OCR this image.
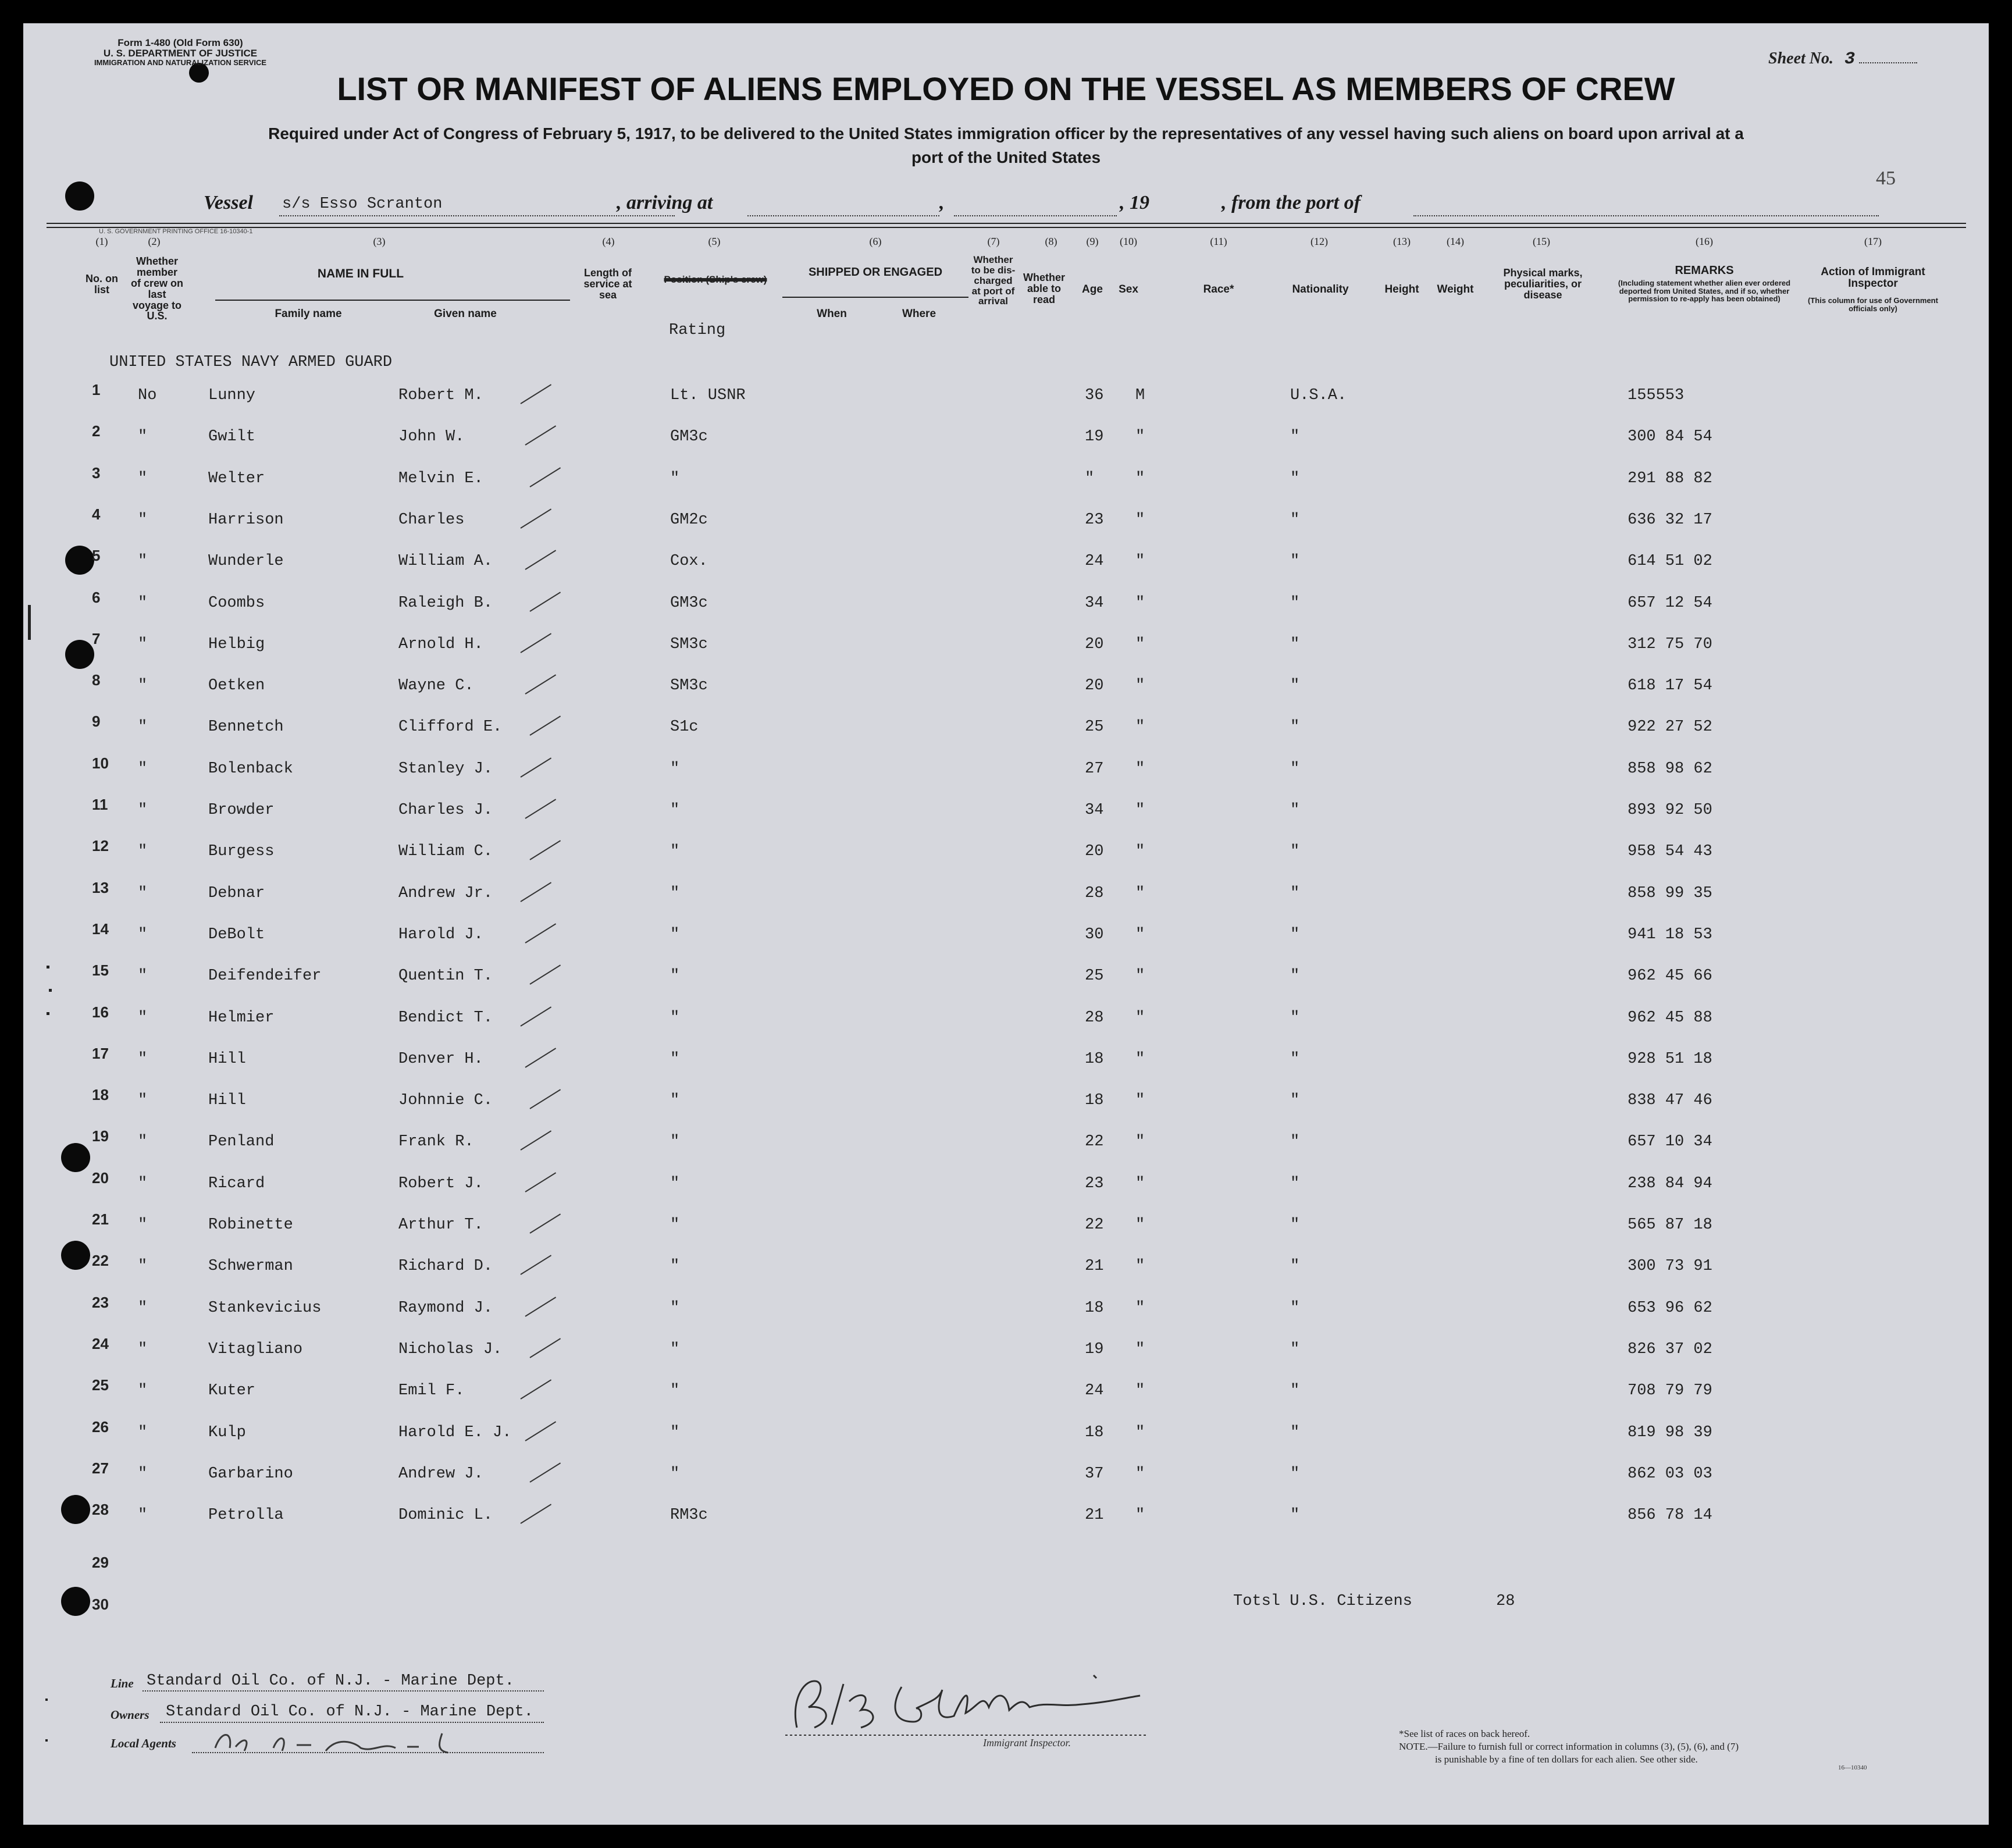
Form 1-480 (Old Form 630)
U. S. DEPARTMENT OF JUSTICE
IMMIGRATION AND NATURALIZATION SERVICE	Sheet No. 3
LIST OR MANIFEST OF ALIENS EMPLOYED ON THE VESSEL AS MEMBERS OF CREW
Required under Act of Congress of February 5, 1917, to be delivered to the United States immigration officer by the representatives of any vessel having such aliens on board upon arrival at a
port of the United States
45
Vessel s/s Esso Scranton	, arriving at	,	, 19	, from the port of
U. S. GOVERNMENT PRINTING OFFICE 16-10340-1
(1)	(2)	(3)	(4)	(5)	(6)	(7)	(8)	(9)	(10)	(11)	(12)	(13)	(14)	(15)	(16)	(17)
No. on list
Whether member of crew on last voyage to U.S.
NAME IN FULL
Family name	Given name
Length of service at sea
Position (Ship's crew)
Rating
SHIPPED OR ENGAGED
When	Where
Whether to be dis-charged at port of arrival
Whether able to read
Age	Sex	Race*	Nationality	Height	Weight
Physical marks, peculiarities, or disease
REMARKS
(Including statement whether alien ever ordered deported from United States, and if so, whether permission to re-apply has been obtained)
Action of Immigrant Inspector
(This column for use of Government officials only)
UNITED STATES NAVY ARMED GUARD
1 No	Lunny	Robert M.	Lt. USNR	36 M	U.S.A.	155553
2 "	Gwilt	John W.	GM3c	19 "	"	300 84 54
3 "	Welter	Melvin E.	"	"	"	"	291 88 82
4 "	Harrison	Charles	GM2c	23 "	"	636 32 17
5 "	Wunderle	William A.	Cox.	24 "	"	614 51 02
6 "	Coombs	Raleigh B.	GM3c	34 "	"	657 12 54
7 "	Helbig	Arnold H.	SM3c	20 "	"	312 75 70
8 "	Oetken	Wayne C.	SM3c	20 "	"	618 17 54
9 "	Bennetch	Clifford E.	S1c	25 "	"	922 27 52
10 "	Bolenback	Stanley J.	"	27 "	"	858 98 62
11 "	Browder	Charles J.	"	34 "	"	893 92 50
12 "	Burgess	William C.	"	20 "	"	958 54 43
13 "	Debnar	Andrew Jr.	"	28 "	"	858 99 35
14 "	DeBolt	Harold J.	"	30 "	"	941 18 53
15 "	Deifendeifer	Quentin T.	"	25 "	"	962 45 66
16 "	Helmier	Bendict T.	"	28 "	"	962 45 88
17 "	Hill	Denver H.	"	18 "	"	928 51 18
18 "	Hill	Johnnie C.	"	18 "	"	838 47 46
19 "	Penland	Frank R.	"	22 "	"	657 10 34
20 "	Ricard	Robert J.	"	23 "	"	238 84 94
21 "	Robinette	Arthur T.	"	22 "	"	565 87 18
22 "	Schwerman	Richard D.	"	21 "	"	300 73 91
23 "	Stankevicius	Raymond J.	"	18 "	"	653 96 62
24 "	Vitagliano	Nicholas J.	"	19 "	"	826 37 02
25 "	Kuter	Emil F.	"	24 "	"	708 79 79
26 "	Kulp	Harold E. J.	"	18 "	"	819 98 39
27 "	Garbarino	Andrew J.	"	37 "	"	862 03 03
28 "	Petrolla	Dominic L.	RM3c	21 "	"	856 78 14
29
30	Totsl U.S. Citizens	28
Line Standard Oil Co. of N.J. - Marine Dept.
Owners Standard Oil Co. of N.J. - Marine Dept.
Local Agents	Immigrant Inspector.
*See list of races on back hereof.
NOTE.—Failure to furnish full or correct information in columns (3), (5), (6), and (7)
is punishable by a fine of ten dollars for each alien. See other side.
16—10340
